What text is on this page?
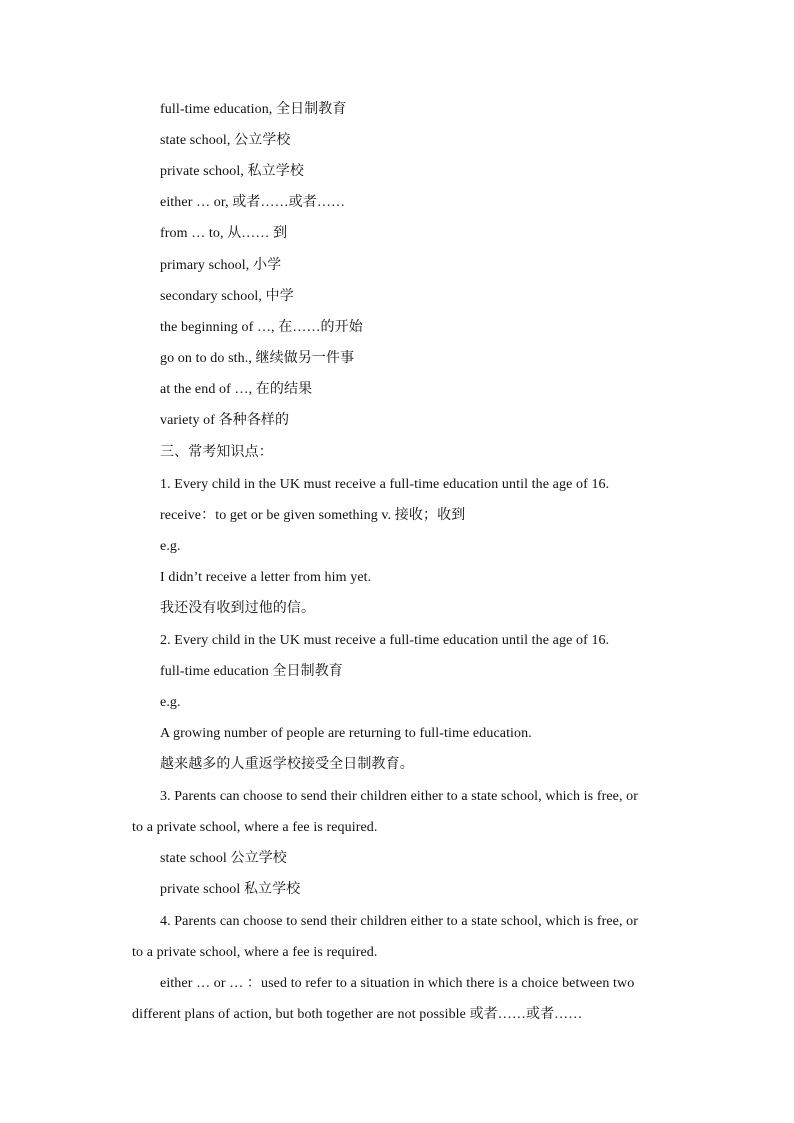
full-time education, 全日制教育
state school, 公立学校
private school, 私立学校
either … or, 或者……或者……
from … to, 从…… 到
primary school, 小学
secondary school, 中学
the beginning of …, 在……的开始
go on to do sth., 继续做另一件事
at the end of …, 在的结果
variety of 各种各样的
三、常考知识点：
1. Every child in the UK must receive a full-time education until the age of 16.
receive：to get or be given something v. 接收；收到
e.g.
I didn’t receive a letter from him yet.
我还没有收到过他的信。
2. Every child in the UK must receive a full-time education until the age of 16.
full-time education 全日制教育
e.g.
A growing number of people are returning to full-time education.
越来越多的人重返学校接受全日制教育。
3. Parents can choose to send their children either to a state school, which is free, or
to a private school, where a fee is required.
state school 公立学校
private school 私立学校
4. Parents can choose to send their children either to a state school, which is free, or
to a private school, where a fee is required.
either … or … ：used to refer to a situation in which there is a choice between two
different plans of action, but both together are not possible 或者……或者……
